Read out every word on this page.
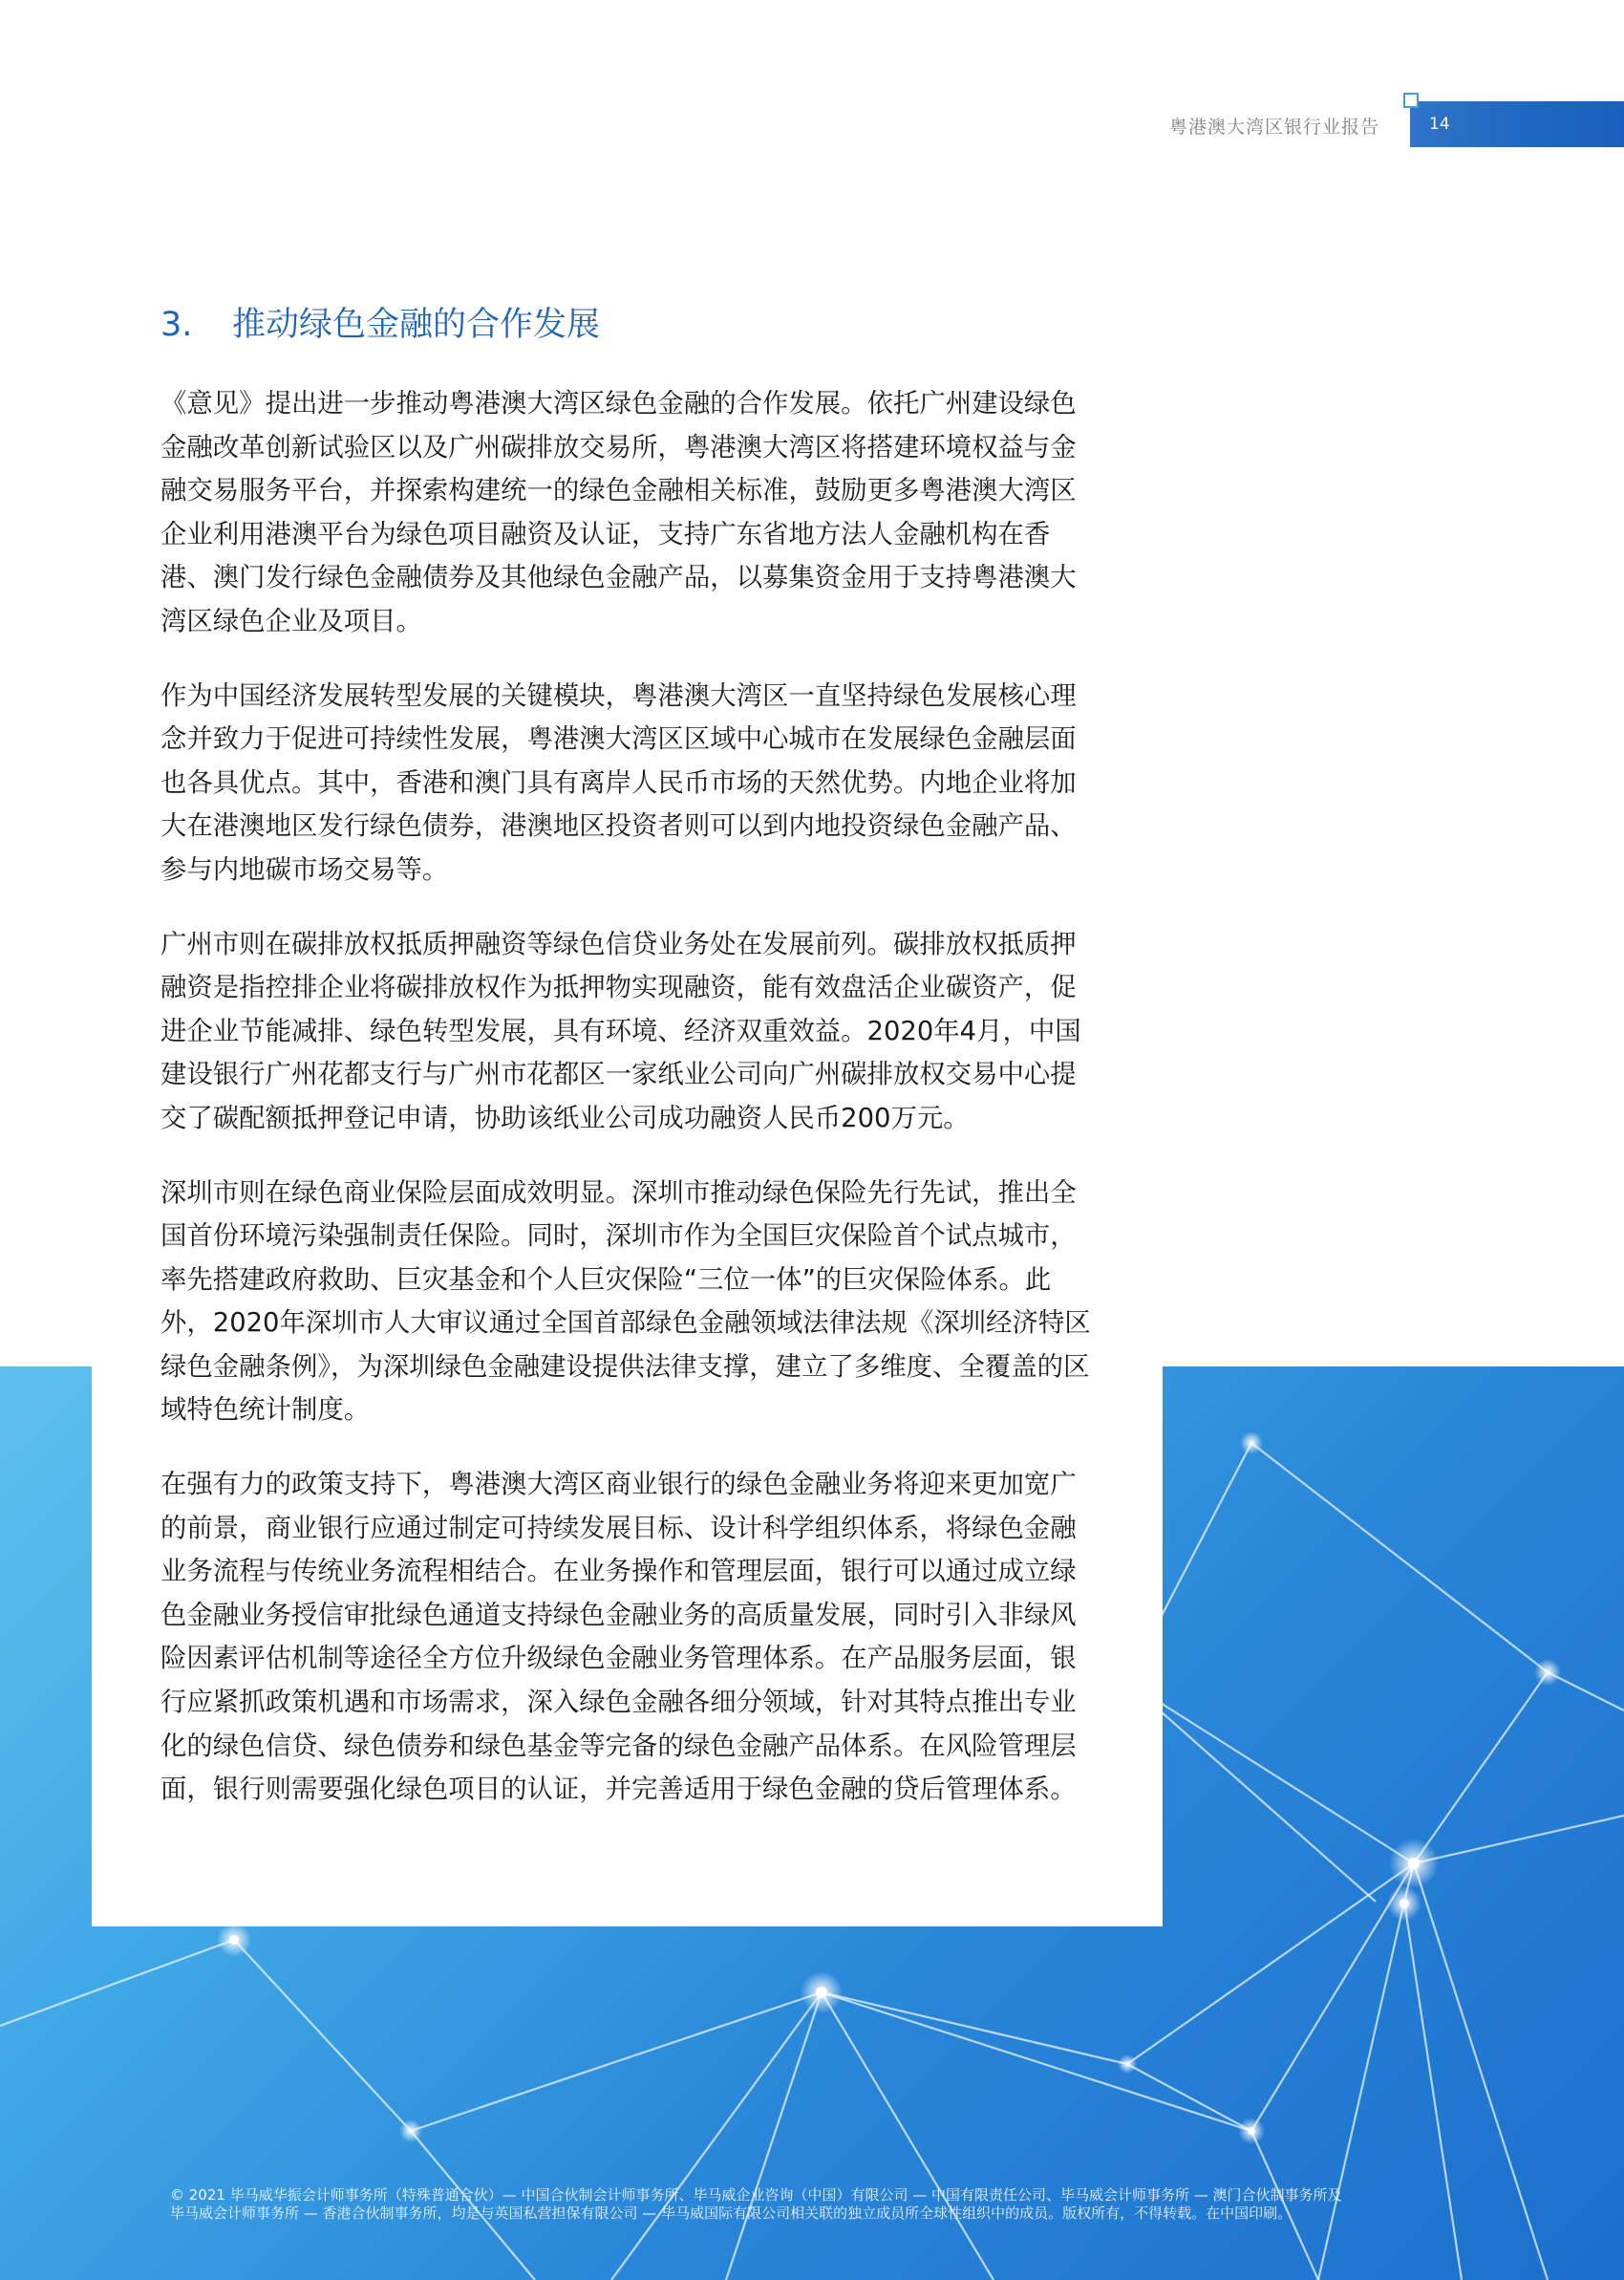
粤港澳大湾区银行业报告	14
3. 推动绿色金融的合作发展

《意见》提出进一步推动粤港澳大湾区绿色金融的合作发展。依托广州建设绿色金融改革创新试验区以及广州碳排放交易所，粤港澳大湾区将搭建环境权益与金融交易服务平台，并探索构建统一的绿色金融相关标准，鼓励更多粤港澳大湾区企业利用港澳平台为绿色项目融资及认证，支持广东省地方法人金融机构在香港、澳门发行绿色金融债券及其他绿色金融产品，以募集资金用于支持粤港澳大湾区绿色企业及项目。

作为中国经济发展转型发展的关键模块，粤港澳大湾区一直坚持绿色发展核心理念并致力于促进可持续性发展，粤港澳大湾区区域中心城市在发展绿色金融层面也各具优点。其中，香港和澳门具有离岸人民币市场的天然优势。内地企业将加大在港澳地区发行绿色债券，港澳地区投资者则可以到内地投资绿色金融产品、参与内地碳市场交易等。

广州市则在碳排放权抵质押融资等绿色信贷业务处在发展前列。碳排放权抵质押融资是指控排企业将碳排放权作为抵押物实现融资，能有效盘活企业碳资产，促进企业节能减排、绿色转型发展，具有环境、经济双重效益。2020年4月，中国建设银行广州花都支行与广州市花都区一家纸业公司向广州碳排放权交易中心提交了碳配额抵押登记申请，协助该纸业公司成功融资人民币200万元。

深圳市则在绿色商业保险层面成效明显。深圳市推动绿色保险先行先试，推出全国首份环境污染强制责任保险。同时，深圳市作为全国巨灾保险首个试点城市，率先搭建政府救助、巨灾基金和个人巨灾保险“三位一体”的巨灾保险体系。此外，2020年深圳市人大审议通过全国首部绿色金融领域法律法规《深圳经济特区绿色金融条例》，为深圳绿色金融建设提供法律支撑，建立了多维度、全覆盖的区域特色统计制度。

在强有力的政策支持下，粤港澳大湾区商业银行的绿色金融业务将迎来更加宽广的前景，商业银行应通过制定可持续发展目标、设计科学组织体系，将绿色金融业务流程与传统业务流程相结合。在业务操作和管理层面，银行可以通过成立绿色金融业务授信审批绿色通道支持绿色金融业务的高质量发展，同时引入非绿风险因素评估机制等途径全方位升级绿色金融业务管理体系。在产品服务层面，银行应紧抓政策机遇和市场需求，深入绿色金融各细分领域，针对其特点推出专业化的绿色信贷、绿色债券和绿色基金等完备的绿色金融产品体系。在风险管理层面，银行则需要强化绿色项目的认证，并完善适用于绿色金融的贷后管理体系。

© 2021 毕马威华振会计师事务所（特殊普通合伙）— 中国合伙制会计师事务所、毕马威企业咨询（中国）有限公司 — 中国有限责任公司、毕马威会计师事务所 — 澳门合伙制事务所及
毕马威会计师事务所 — 香港合伙制事务所，均是与英国私营担保有限公司 — 毕马威国际有限公司相关联的独立成员所全球性组织中的成员。版权所有，不得转载。在中国印刷。
